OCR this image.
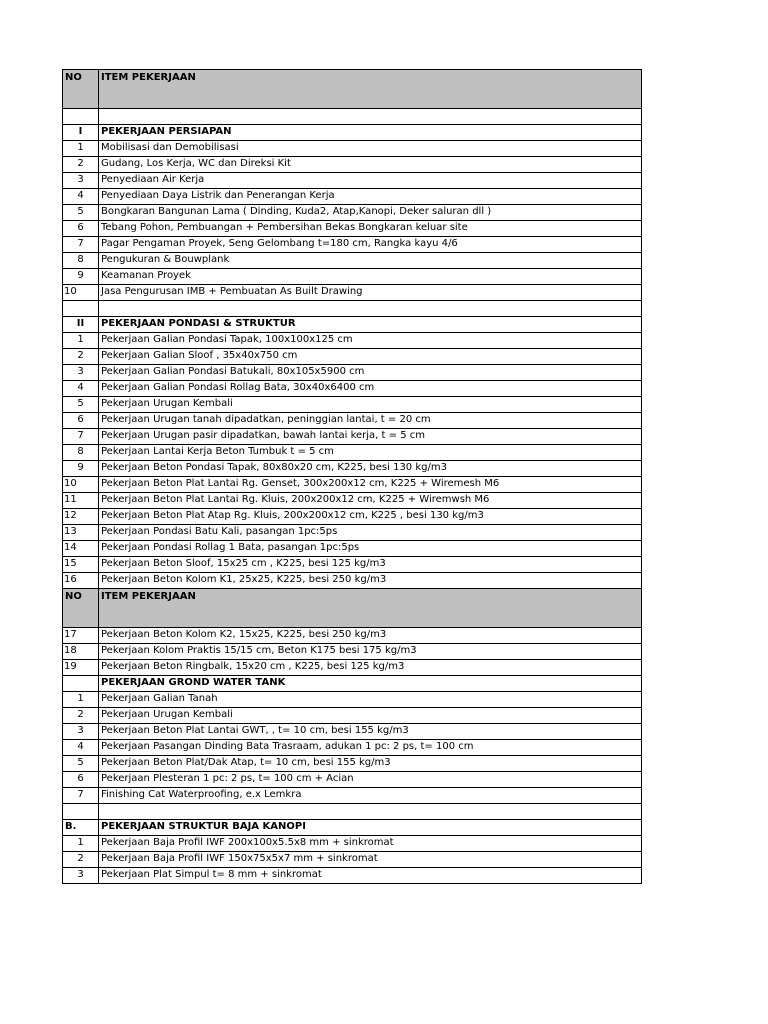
NO	ITEM PEKERJAAN

I	PEKERJAAN PERSIAPAN
1	Mobilisasi dan Demobilisasi
2	Gudang, Los Kerja, WC dan Direksi Kit
3	Penyediaan Air Kerja
4	Penyediaan Daya Listrik dan Penerangan Kerja
5	Bongkaran Bangunan Lama ( Dinding, Kuda2, Atap,Kanopi, Deker saluran dll )
6	Tebang Pohon, Pembuangan + Pembersihan Bekas Bongkaran keluar site
7	Pagar Pengaman Proyek, Seng Gelombang t=180 cm, Rangka kayu 4/6
8	Pengukuran & Bouwplank
9	Keamanan Proyek
10	Jasa Pengurusan IMB + Pembuatan As Built Drawing

II	PEKERJAAN PONDASI & STRUKTUR
1	Pekerjaan Galian Pondasi Tapak, 100x100x125 cm
2	Pekerjaan Galian Sloof , 35x40x750 cm
3	Pekerjaan Galian Pondasi Batukali, 80x105x5900 cm
4	Pekerjaan Galian Pondasi Rollag Bata, 30x40x6400 cm
5	Pekerjaan Urugan Kembali
6	Pekerjaan Urugan tanah dipadatkan, peninggian lantai, t = 20 cm
7	Pekerjaan Urugan pasir dipadatkan, bawah lantai kerja, t = 5 cm
8	Pekerjaan Lantai Kerja Beton Tumbuk t = 5 cm
9	Pekerjaan Beton Pondasi Tapak, 80x80x20 cm, K225, besi 130 kg/m3
10	Pekerjaan Beton Plat Lantai Rg. Genset, 300x200x12 cm, K225 + Wiremesh M6
11	Pekerjaan Beton Plat Lantai Rg. Kluis, 200x200x12 cm, K225 + Wiremwsh M6
12	Pekerjaan Beton Plat Atap Rg. Kluis, 200x200x12 cm, K225 , besi 130 kg/m3
13	Pekerjaan Pondasi Batu Kali, pasangan 1pc:5ps
14	Pekerjaan Pondasi Rollag 1 Bata, pasangan 1pc:5ps
15	Pekerjaan Beton Sloof, 15x25 cm , K225, besi 125 kg/m3
16	Pekerjaan Beton Kolom K1, 25x25, K225, besi 250 kg/m3
NO	ITEM PEKERJAAN
17	Pekerjaan Beton Kolom K2, 15x25, K225, besi 250 kg/m3
18	Pekerjaan Kolom Praktis 15/15 cm, Beton K175 besi 175 kg/m3
19	Pekerjaan Beton Ringbalk, 15x20 cm , K225, besi 125 kg/m3
	PEKERJAAN GROND WATER TANK
1	Pekerjaan Galian Tanah
2	Pekerjaan Urugan Kembali
3	Pekerjaan Beton Plat Lantai GWT, , t= 10 cm, besi 155 kg/m3
4	Pekerjaan Pasangan Dinding Bata Trasraam, adukan 1 pc: 2 ps, t= 100 cm
5	Pekerjaan Beton Plat/Dak Atap, t= 10 cm, besi 155 kg/m3
6	Pekerjaan Plesteran 1 pc: 2 ps, t= 100 cm + Acian
7	Finishing Cat Waterproofing, e.x Lemkra

B.	PEKERJAAN STRUKTUR BAJA KANOPI
1	Pekerjaan Baja Profil IWF 200x100x5.5x8 mm + sinkromat
2	Pekerjaan Baja Profil IWF 150x75x5x7 mm + sinkromat
3	Pekerjaan Plat Simpul t= 8 mm + sinkromat
